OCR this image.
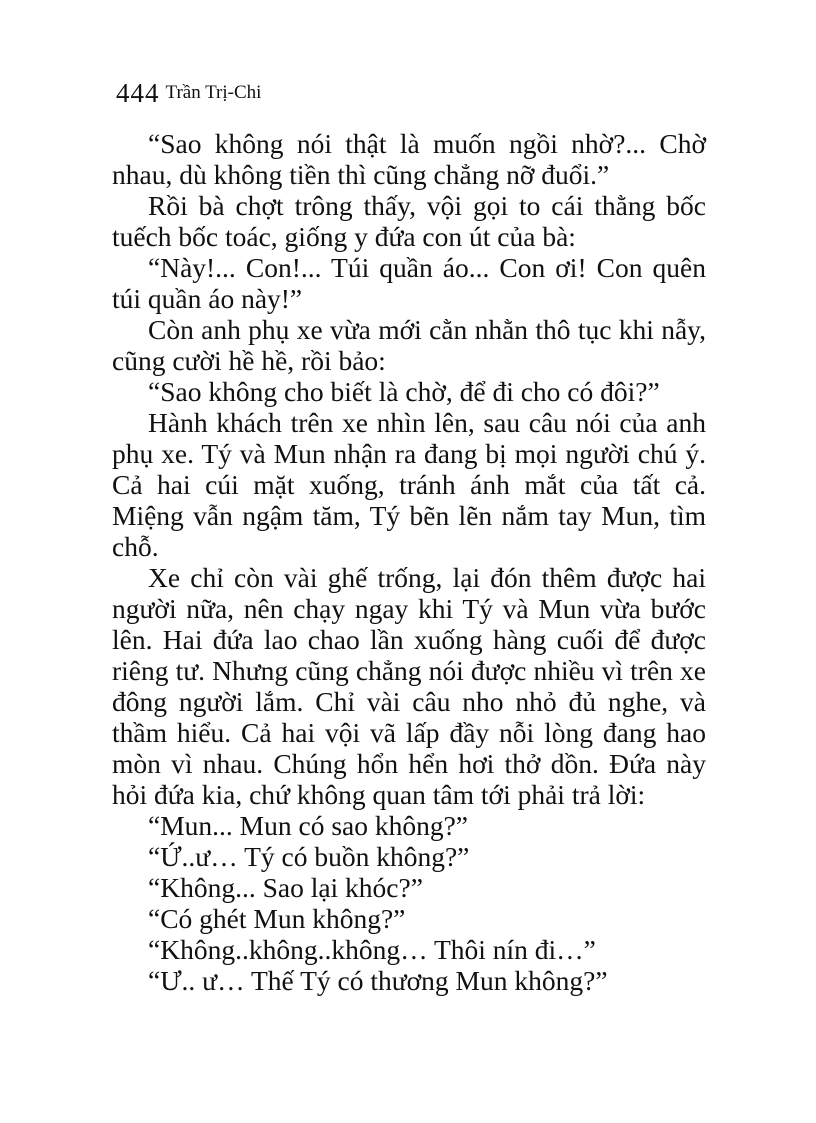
444 Trần Trị-Chi

“Sao không nói thật là muốn ngồi nhờ?... Chờ nhau, dù không tiền thì cũng chẳng nỡ đuổi.”

Rồi bà chợt trông thấy, vội gọi to cái thằng bốc tuếch bốc toác, giống y đứa con út của bà:

“Này!... Con!... Túi quần áo... Con ơi! Con quên túi quần áo này!”

Còn anh phụ xe vừa mới cằn nhằn thô tục khi nẫy, cũng cười hề hề, rồi bảo:

“Sao không cho biết là chờ, để đi cho có đôi?”

Hành khách trên xe nhìn lên, sau câu nói của anh phụ xe. Tý và Mun nhận ra đang bị mọi người chú ý. Cả hai cúi mặt xuống, tránh ánh mắt của tất cả. Miệng vẫn ngậm tăm, Tý bẽn lẽn nắm tay Mun, tìm chỗ.

Xe chỉ còn vài ghế trống, lại đón thêm được hai người nữa, nên chạy ngay khi Tý và Mun vừa bước lên. Hai đứa lao chao lần xuống hàng cuối để được riêng tư. Nhưng cũng chẳng nói được nhiều vì trên xe đông người lắm. Chỉ vài câu nho nhỏ đủ nghe, và thầm hiểu. Cả hai vội vã lấp đầy nỗi lòng đang hao mòn vì nhau. Chúng hổn hển hơi thở dồn. Đứa này hỏi đứa kia, chứ không quan tâm tới phải trả lời:

“Mun... Mun có sao không?”

“Ứ..ư… Tý có buồn không?”

“Không... Sao lại khóc?”

“Có ghét Mun không?”

“Không..không..không… Thôi nín đi…”

“Ư.. ư… Thế Tý có thương Mun không?”
